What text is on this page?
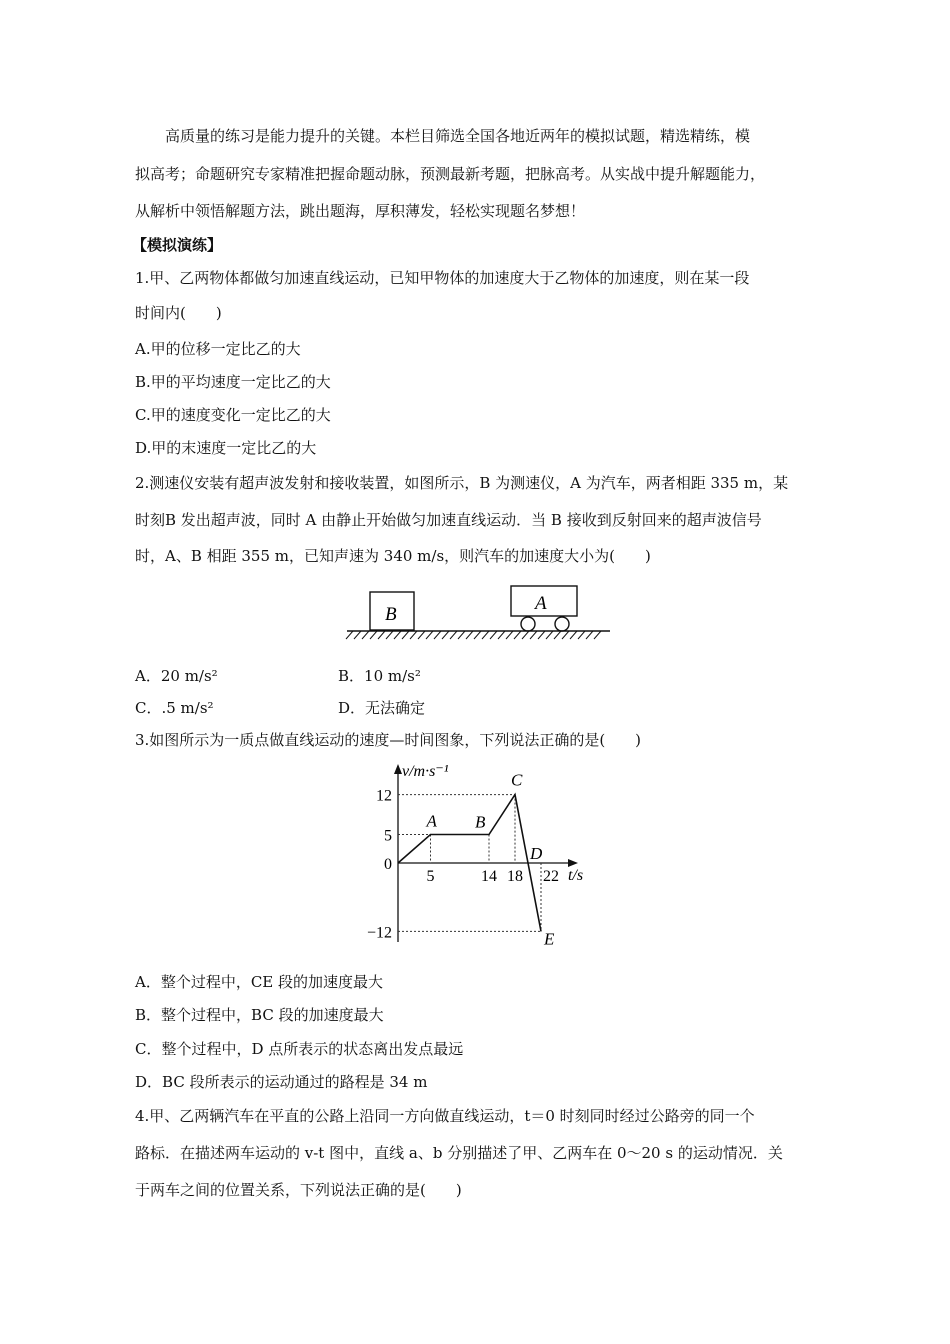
高质量的练习是能力提升的关键。本栏目筛选全国各地近两年的模拟试题，精选精练，模
拟高考；命题研究专家精准把握命题动脉，预测最新考题，把脉高考。从实战中提升解题能力，
从解析中领悟解题方法，跳出题海，厚积薄发，轻松实现题名梦想！
【模拟演练】
1.甲、乙两物体都做匀加速直线运动，已知甲物体的加速度大于乙物体的加速度，则在某一段
时间内(　　)
A.甲的位移一定比乙的大
B.甲的平均速度一定比乙的大
C.甲的速度变化一定比乙的大
D.甲的末速度一定比乙的大
2.测速仪安装有超声波发射和接收装置，如图所示，B 为测速仪，A 为汽车，两者相距 335 m，某
时刻B 发出超声波，同时 A 由静止开始做匀加速直线运动．当 B 接收到反射回来的超声波信号
时，A、B 相距 355 m，已知声速为 340 m/s，则汽车的加速度大小为(　　)
B
A
A．20 m/s²	B．10 m/s²
C．.5 m/s²	D．无法确定
3.如图所示为一质点做直线运动的速度—时间图象，下列说法正确的是(　　)
v/m·s⁻¹
t/s
12
5
0
−12
5	14 18 22
A B
C
D
E
A．整个过程中，CE 段的加速度最大
B．整个过程中，BC 段的加速度最大
C．整个过程中，D 点所表示的状态离出发点最远
D．BC 段所表示的运动通过的路程是 34 m
4.甲、乙两辆汽车在平直的公路上沿同一方向做直线运动，t＝0 时刻同时经过公路旁的同一个
路标．在描述两车运动的 v-t 图中，直线 a、b 分别描述了甲、乙两车在 0～20 s 的运动情况．关
于两车之间的位置关系，下列说法正确的是(　　)
